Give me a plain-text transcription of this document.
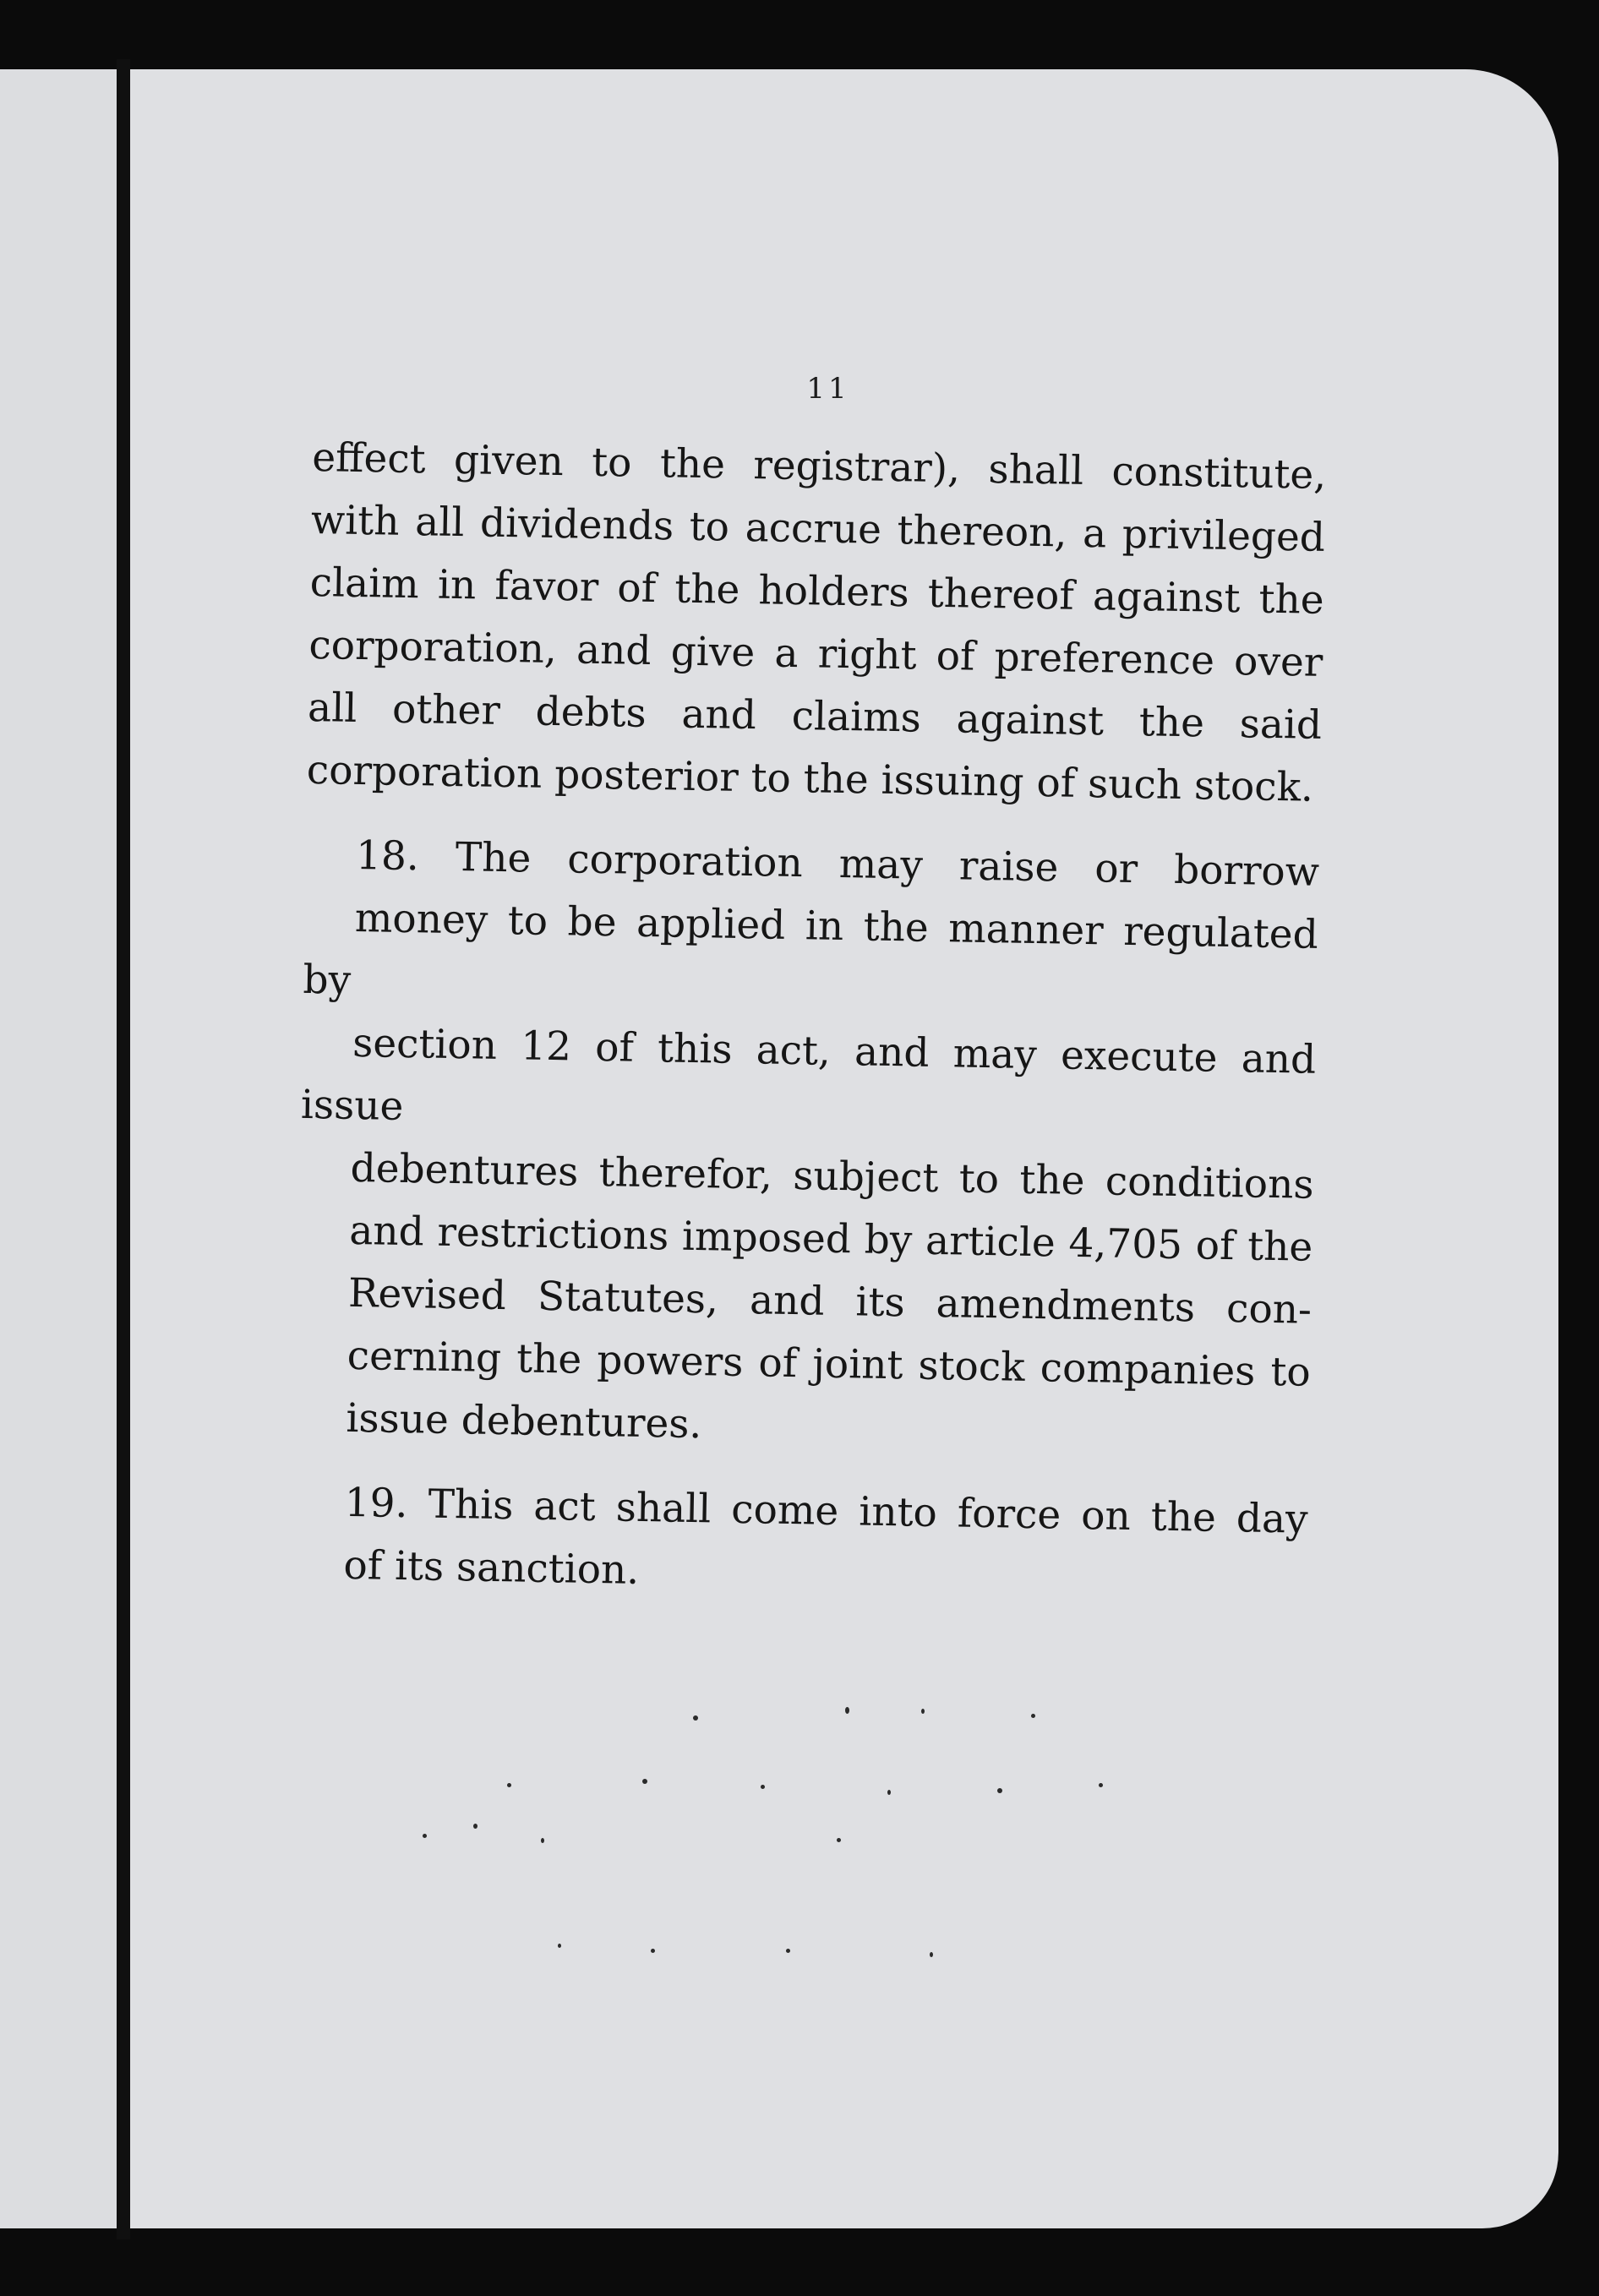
11

effect given to the registrar), shall constitute,
with all dividends to accrue thereon, a privileged
claim in favor of the holders thereof against the
corporation, and give a right of preference over
all other debts and claims against the said
corporation posterior to the issuing of such stock.

18. The corporation may raise or borrow
money to be applied in the manner regulated by
section 12 of this act, and may execute and issue
debentures therefor, subject to the conditions
and restrictions imposed by article 4,705 of the
Revised Statutes, and its amendments con-
cerning the powers of joint stock companies to
issue debentures.

19. This act shall come into force on the day
of its sanction.
